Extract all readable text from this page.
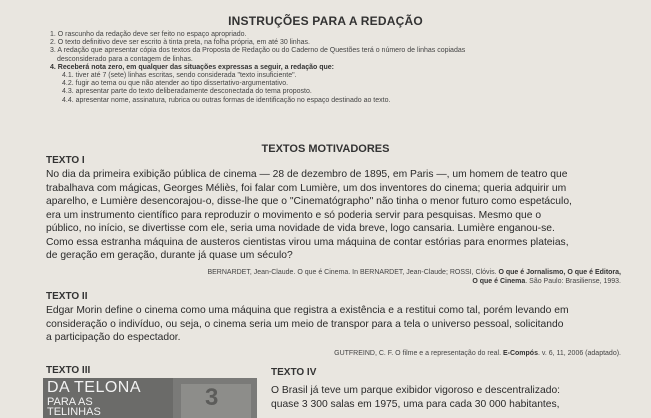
INSTRUÇÕES PARA A REDAÇÃO
1. O rascunho da redação deve ser feito no espaço apropriado.
2. O texto definitivo deve ser escrito à tinta preta, na folha própria, em até 30 linhas.
3. A redação que apresentar cópia dos textos da Proposta de Redação ou do Caderno de Questões terá o número de linhas copiadas
desconsiderado para a contagem de linhas.
4. Receberá nota zero, em qualquer das situações expressas a seguir, a redação que:
4.1. tiver até 7 (sete) linhas escritas, sendo considerada "texto insuficiente".
4.2. fugir ao tema ou que não atender ao tipo dissertativo-argumentativo.
4.3. apresentar parte do texto deliberadamente desconectada do tema proposto.
4.4. apresentar nome, assinatura, rubrica ou outras formas de identificação no espaço destinado ao texto.
TEXTOS MOTIVADORES
TEXTO I
No dia da primeira exibição pública de cinema — 28 de dezembro de 1895, em Paris —, um homem de teatro que
trabalhava com mágicas, Georges Méliès, foi falar com Lumière, um dos inventores do cinema; queria adquirir um
aparelho, e Lumière desencorajou-o, disse-lhe que o "Cinematógrapho" não tinha o menor futuro como espetáculo,
era um instrumento científico para reproduzir o movimento e só poderia servir para pesquisas. Mesmo que o
público, no início, se divertisse com ele, seria uma novidade de vida breve, logo cansaria. Lumière enganou-se.
Como essa estranha máquina de austeros cientistas virou uma máquina de contar estórias para enormes plateias,
de geração em geração, durante já quase um século?
BERNARDET, Jean-Claude. O que é Cinema. In BERNARDET, Jean-Claude; ROSSI, Clóvis. O que é Jornalismo, O que é Editora,
O que é Cinema. São Paulo: Brasiliense, 1993.
TEXTO II
Edgar Morin define o cinema como uma máquina que registra a existência e a restitui como tal, porém levando em
consideração o indivíduo, ou seja, o cinema seria um meio de transpor para a tela o universo pessoal, solicitando
a participação do espectador.
GUTFREIND, C. F. O filme e a representação do real. E-Compós. v. 6, 11, 2006 (adaptado).
TEXTO III
DA TELONA
PARA AS
TELINHAS
3
TEXTO IV
O Brasil já teve um parque exibidor vigoroso e descentralizado:
quase 3 300 salas em 1975, uma para cada 30 000 habitantes,
